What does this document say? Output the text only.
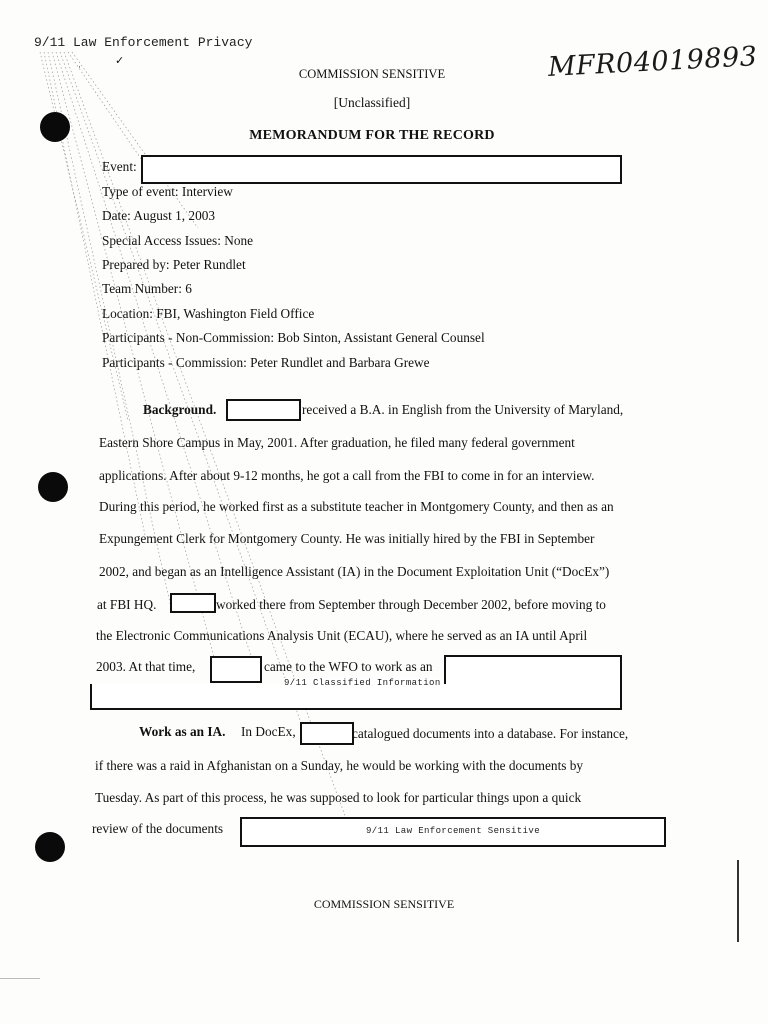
9/11 Law Enforcement Privacy
·	✓	MFR04019893
COMMISSION SENSITIVE
[Unclassified]
MEMORANDUM FOR THE RECORD
Event:
Type of event: Interview
Date: August 1, 2003
Special Access Issues: None
Prepared by: Peter Rundlet
Team Number: 6
Location: FBI, Washington Field Office
Participants - Non-Commission: Bob Sinton, Assistant General Counsel
Participants - Commission: Peter Rundlet and Barbara Grewe
Background.	received a B.A. in English from the University of Maryland,
Eastern Shore Campus in May, 2001. After graduation, he filed many federal government
applications. After about 9-12 months, he got a call from the FBI to come in for an interview.
During this period, he worked first as a substitute teacher in Montgomery County, and then as an
Expungement Clerk for Montgomery County. He was initially hired by the FBI in September
2002, and began as an Intelligence Assistant (IA) in the Document Exploitation Unit (“DocEx”)
at FBI HQ.	worked there from September through December 2002, before moving to
the Electronic Communications Analysis Unit (ECAU), where he served as an IA until April
2003. At that time,	came to the WFO to work as an
9/11 Classified Information
Work as an IA. In DocEx,	catalogued documents into a database. For instance,
if there was a raid in Afghanistan on a Sunday, he would be working with the documents by
Tuesday. As part of this process, he was supposed to look for particular things upon a quick
review of the documents	9/11 Law Enforcement Sensitive
COMMISSION SENSITIVE
